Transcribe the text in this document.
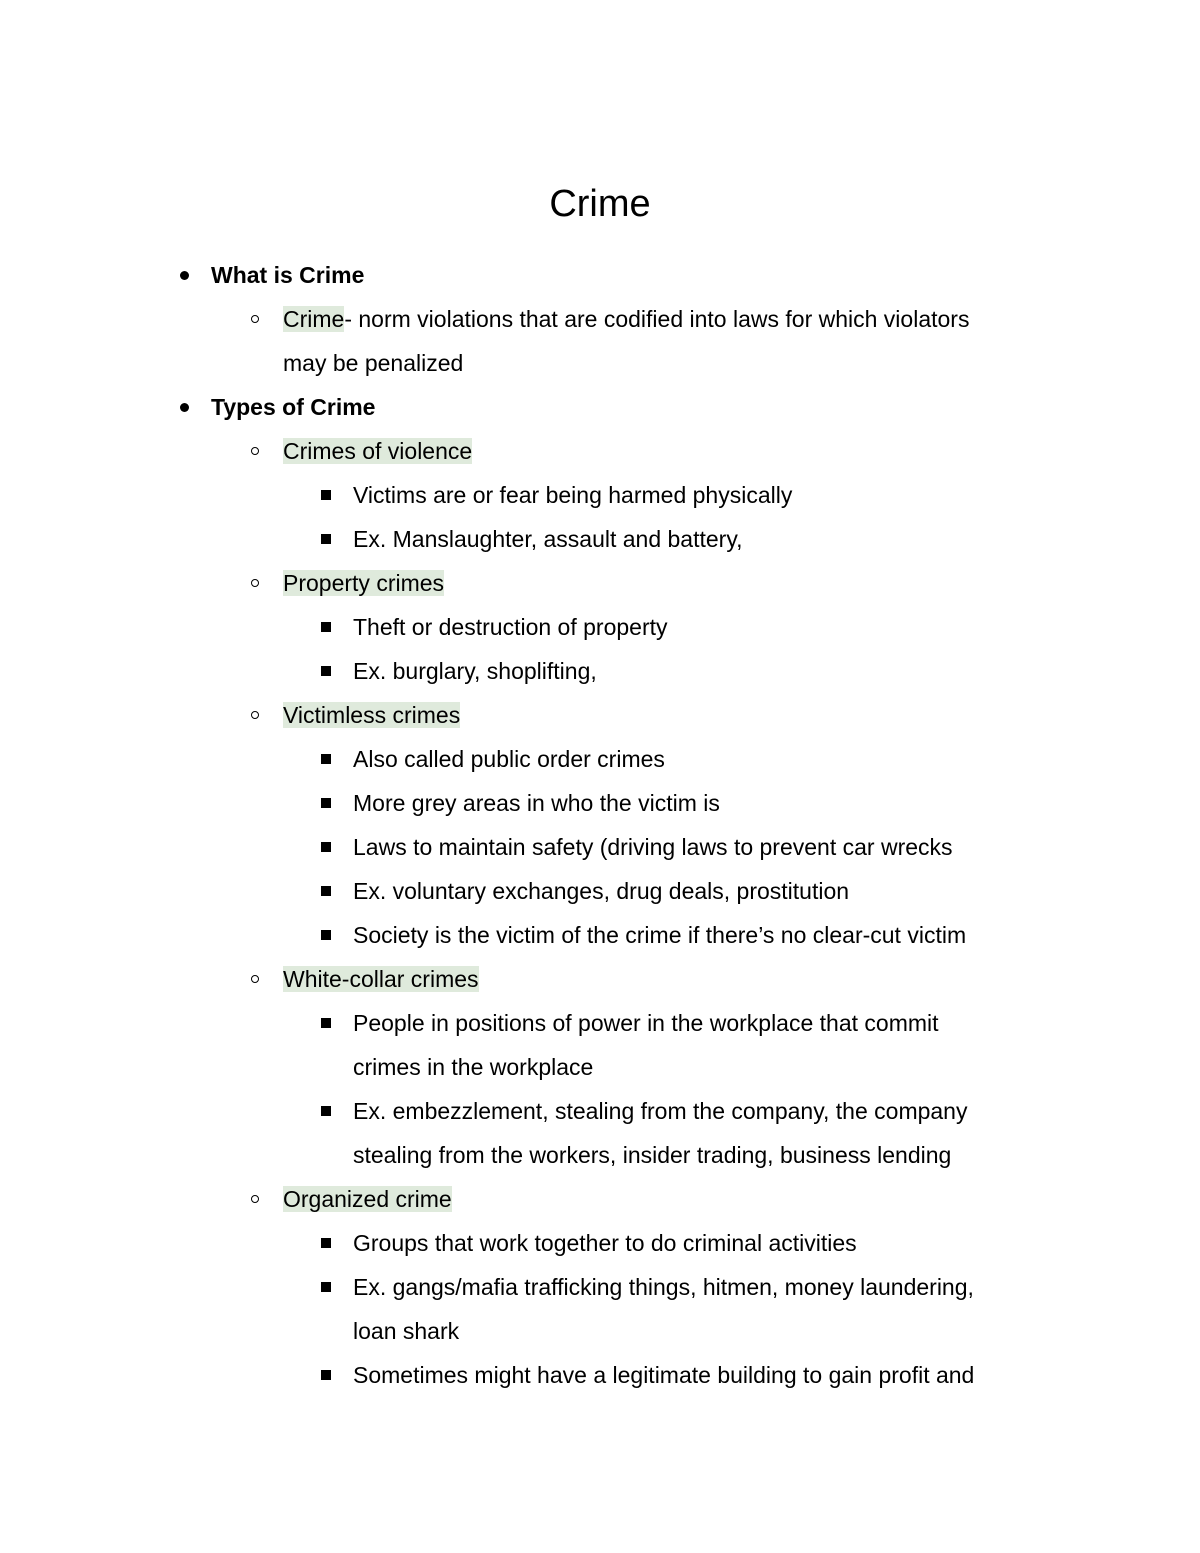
Crime
What is Crime
Crime- norm violations that are codified into laws for which violators
may be penalized
Types of Crime
Crimes of violence
Victims are or fear being harmed physically
Ex. Manslaughter, assault and battery,
Property crimes
Theft or destruction of property
Ex. burglary, shoplifting,
Victimless crimes
Also called public order crimes
More grey areas in who the victim is
Laws to maintain safety (driving laws to prevent car wrecks
Ex. voluntary exchanges, drug deals, prostitution
Society is the victim of the crime if there’s no clear-cut victim
White-collar crimes
People in positions of power in the workplace that commit
crimes in the workplace
Ex. embezzlement, stealing from the company, the company
stealing from the workers, insider trading, business lending
Organized crime
Groups that work together to do criminal activities
Ex. gangs/mafia trafficking things, hitmen, money laundering,
loan shark
Sometimes might have a legitimate building to gain profit and
